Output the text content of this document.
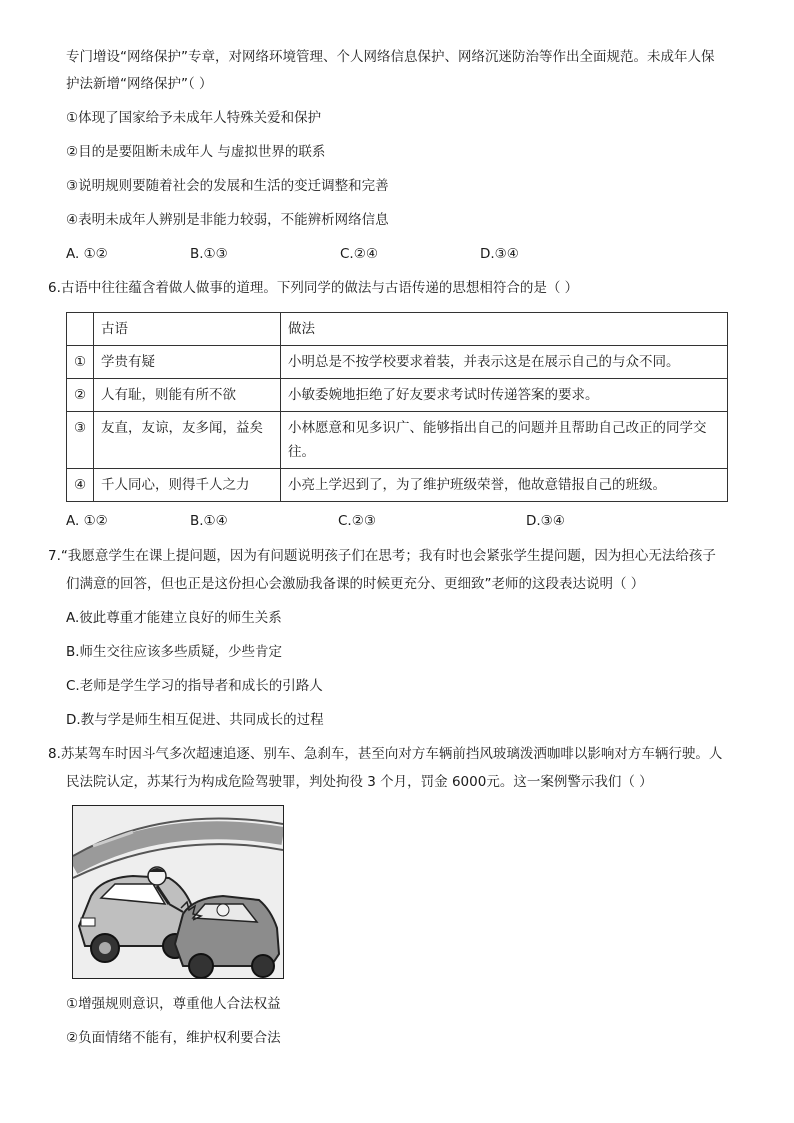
专门增设“网络保护”专章，对网络环境管理、个人网络信息保护、网络沉迷防治等作出全面规范。未成年人保
护法新增“网络保护”（ ）
①体现了国家给予未成年人特殊关爱和保护
②目的是要阻断未成年人 与虚拟世界的联系
③说明规则要随着社会的发展和生活的变迁调整和完善
④表明未成年人辨别是非能力较弱，不能辨析网络信息
A. ①②	B.①③	C.②④	D.③④
6.古语中往往蕴含着做人做事的道理。下列同学的做法与古语传递的思想相符合的是（ ）
	古语	做法
①	学贵有疑	小明总是不按学校要求着装，并表示这是在展示自己的与众不同。
②	人有耻，则能有所不欲	小敏委婉地拒绝了好友要求考试时传递答案的要求。
③	友直，友谅，友多闻，益矣	小林愿意和见多识广、能够指出自己的问题并且帮助自己改正的同学交往。
④	千人同心，则得千人之力	小亮上学迟到了，为了维护班级荣誉，他故意错报自己的班级。
A. ①②	B.①④	C.②③	D.③④
7.“我愿意学生在课上提问题，因为有问题说明孩子们在思考；我有时也会紧张学生提问题，因为担心无法给孩子
们满意的回答，但也正是这份担心会激励我备课的时候更充分、更细致”老师的这段表达说明（ ）
A.彼此尊重才能建立良好的师生关系
B.师生交往应该多些质疑，少些肯定
C.老师是学生学习的指导者和成长的引路人
D.教与学是师生相互促进、共同成长的过程
8.苏某驾车时因斗气多次超速追逐、别车、急刹车，甚至向对方车辆前挡风玻璃泼洒咖啡以影响对方车辆行驶。人
民法院认定，苏某行为构成危险驾驶罪，判处拘役 3 个月，罚金 6000元。这一案例警示我们（ ）
①增强规则意识，尊重他人合法权益
②负面情绪不能有，维护权利要合法
